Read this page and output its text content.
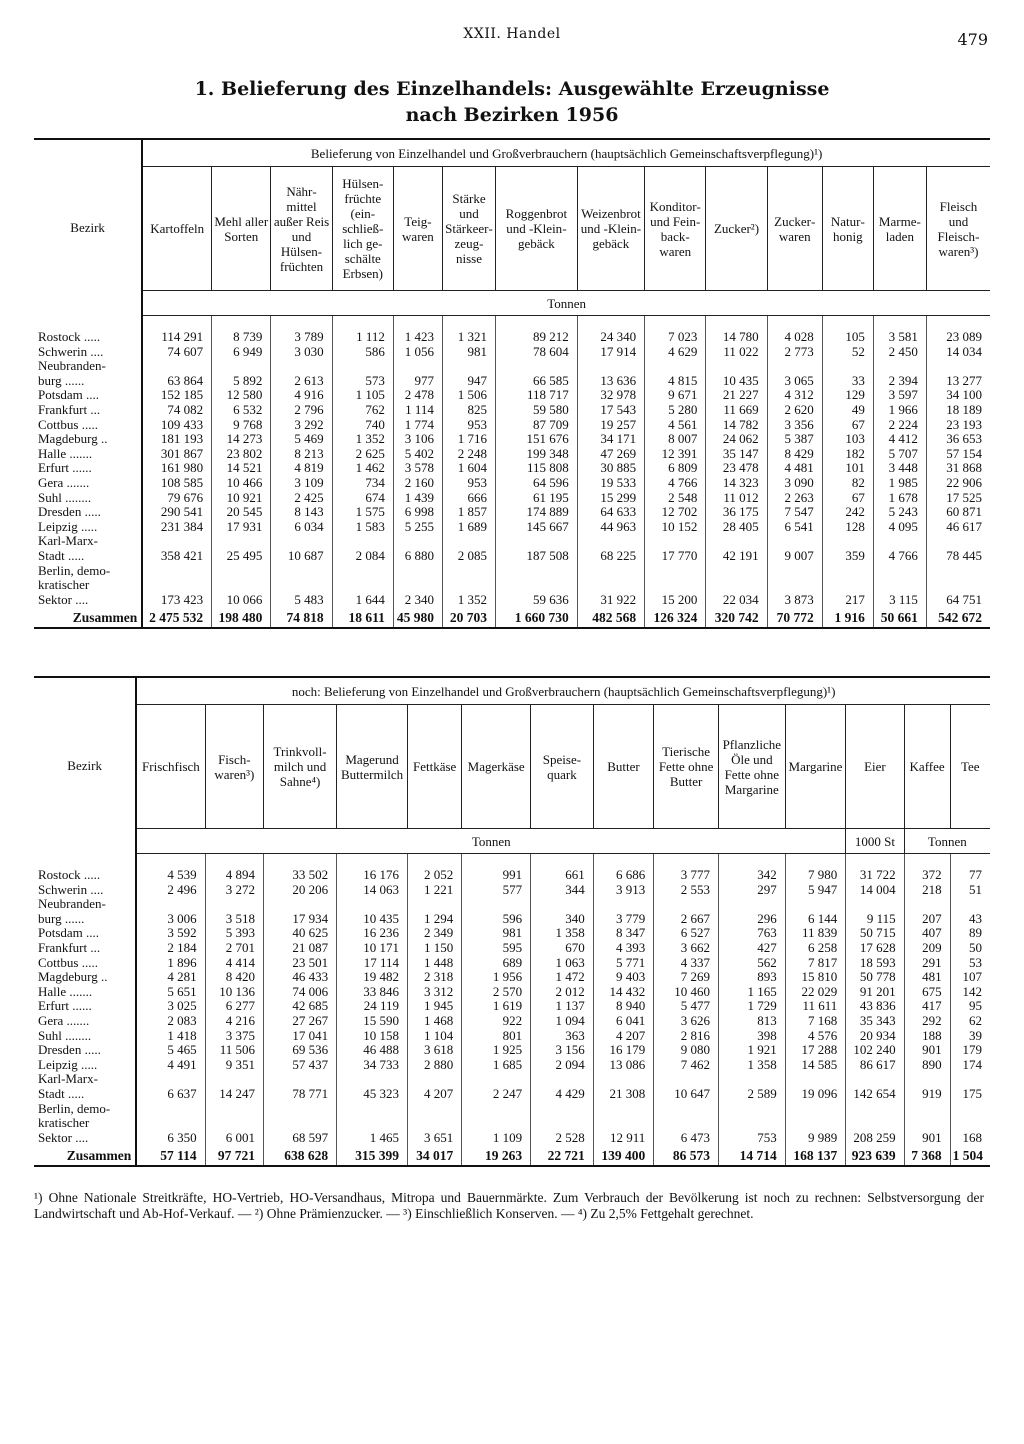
XXII. Handel	479
1. Belieferung des Einzelhandels: Ausgewählte Erzeugnisse
nach Bezirken 1956
Bezirk	Belieferung von Einzelhandel und Großverbrauchern (hauptsächlich Gemeinschaftsverpflegung)¹)													
	Kartoffeln	Mehl aller Sorten	Nährmittel außer Reis und Hülsenfrüchten	Hülsenfrüchte (einschließlich geschälte Erbsen)	Teigwaren	Stärke und Stärkeerzeugnisse	Roggenbrot und -Kleingebäck	Weizenbrot und -Kleingebäck	Konditorund Feinbackwaren	Zucker²)	Zuckerwaren	Naturhonig	Marmeladen	Fleisch und Fleischwaren³)
	Tonnen													

Rostock .....	114 291	8 739	3 789	1 112	1 423	1 321	89 212	24 340	7 023	14 780	4 028	105	3 581	23 089
Schwerin ....	74 607	6 949	3 030	586	1 056	981	78 604	17 914	4 629	11 022	2 773	52	2 450	14 034
Neubranden-														
burg ......	63 864	5 892	2 613	573	977	947	66 585	13 636	4 815	10 435	3 065	33	2 394	13 277
Potsdam ....	152 185	12 580	4 916	1 105	2 478	1 506	118 717	32 978	9 671	21 227	4 312	129	3 597	34 100
Frankfurt ...	74 082	6 532	2 796	762	1 114	825	59 580	17 543	5 280	11 669	2 620	49	1 966	18 189
Cottbus .....	109 433	9 768	3 292	740	1 774	953	87 709	19 257	4 561	14 782	3 356	67	2 224	23 193
Magdeburg ..	181 193	14 273	5 469	1 352	3 106	1 716	151 676	34 171	8 007	24 062	5 387	103	4 412	36 653
Halle .......	301 867	23 802	8 213	2 625	5 402	2 248	199 348	47 269	12 391	35 147	8 429	182	5 707	57 154
Erfurt ......	161 980	14 521	4 819	1 462	3 578	1 604	115 808	30 885	6 809	23 478	4 481	101	3 448	31 868
Gera .......	108 585	10 466	3 109	734	2 160	953	64 596	19 533	4 766	14 323	3 090	82	1 985	22 906
Suhl ........	79 676	10 921	2 425	674	1 439	666	61 195	15 299	2 548	11 012	2 263	67	1 678	17 525
Dresden .....	290 541	20 545	8 143	1 575	6 998	1 857	174 889	64 633	12 702	36 175	7 547	242	5 243	60 871
Leipzig .....	231 384	17 931	6 034	1 583	5 255	1 689	145 667	44 963	10 152	28 405	6 541	128	4 095	46 617
Karl-Marx-														
Stadt .....	358 421	25 495	10 687	2 084	6 880	2 085	187 508	68 225	17 770	42 191	9 007	359	4 766	78 445
Berlin, demo-														
kratischer														
Sektor ....	173 423	10 066	5 483	1 644	2 340	1 352	59 636	31 922	15 200	22 034	3 873	217	3 115	64 751
Zusammen	2 475 532	198 480	74 818	18 611	45 980	20 703	1 660 730	482 568	126 324	320 742	70 772	1 916	50 661	542 672
Bezirk	noch: Belieferung von Einzelhandel und Großverbrauchern (hauptsächlich Gemeinschaftsverpflegung)¹)													
	Frischfisch	Fischwaren³)	Trinkvollmilch und Sahne⁴)	Magerund Buttermilch	Fettkäse	Magerkäse	Speisequark	Butter	Tierische Fette ohne Butter	Pflanzliche Öle und Fette ohne Margarine	Margarine	Eier	Kaffee	Tee
	Tonnen											1000 St	Tonnen	

Rostock .....	4 539	4 894	33 502	16 176	2 052	991	661	6 686	3 777	342	7 980	31 722	372	77
Schwerin ....	2 496	3 272	20 206	14 063	1 221	577	344	3 913	2 553	297	5 947	14 004	218	51
Neubranden-														
burg ......	3 006	3 518	17 934	10 435	1 294	596	340	3 779	2 667	296	6 144	9 115	207	43
Potsdam ....	3 592	5 393	40 625	16 236	2 349	981	1 358	8 347	6 527	763	11 839	50 715	407	89
Frankfurt ...	2 184	2 701	21 087	10 171	1 150	595	670	4 393	3 662	427	6 258	17 628	209	50
Cottbus .....	1 896	4 414	23 501	17 114	1 448	689	1 063	5 771	4 337	562	7 817	18 593	291	53
Magdeburg ..	4 281	8 420	46 433	19 482	2 318	1 956	1 472	9 403	7 269	893	15 810	50 778	481	107
Halle .......	5 651	10 136	74 006	33 846	3 312	2 570	2 012	14 432	10 460	1 165	22 029	91 201	675	142
Erfurt ......	3 025	6 277	42 685	24 119	1 945	1 619	1 137	8 940	5 477	1 729	11 611	43 836	417	95
Gera .......	2 083	4 216	27 267	15 590	1 468	922	1 094	6 041	3 626	813	7 168	35 343	292	62
Suhl ........	1 418	3 375	17 041	10 158	1 104	801	363	4 207	2 816	398	4 576	20 934	188	39
Dresden .....	5 465	11 506	69 536	46 488	3 618	1 925	3 156	16 179	9 080	1 921	17 288	102 240	901	179
Leipzig .....	4 491	9 351	57 437	34 733	2 880	1 685	2 094	13 086	7 462	1 358	14 585	86 617	890	174
Karl-Marx-														
Stadt .....	6 637	14 247	78 771	45 323	4 207	2 247	4 429	21 308	10 647	2 589	19 096	142 654	919	175
Berlin, demo-														
kratischer														
Sektor ....	6 350	6 001	68 597	1 465	3 651	1 109	2 528	12 911	6 473	753	9 989	208 259	901	168
Zusammen	57 114	97 721	638 628	315 399	34 017	19 263	22 721	139 400	86 573	14 714	168 137	923 639	7 368	1 504

¹) Ohne Nationale Streitkräfte, HO-Vertrieb, HO-Versandhaus, Mitropa und Bauernmärkte. Zum Verbrauch der Bevölkerung ist noch zu rechnen: Selbstversorgung der Landwirtschaft und Ab-Hof-Verkauf. — ²) Ohne Prämienzucker. — ³) Einschließlich Konserven. — ⁴) Zu 2,5% Fettgehalt gerechnet.
